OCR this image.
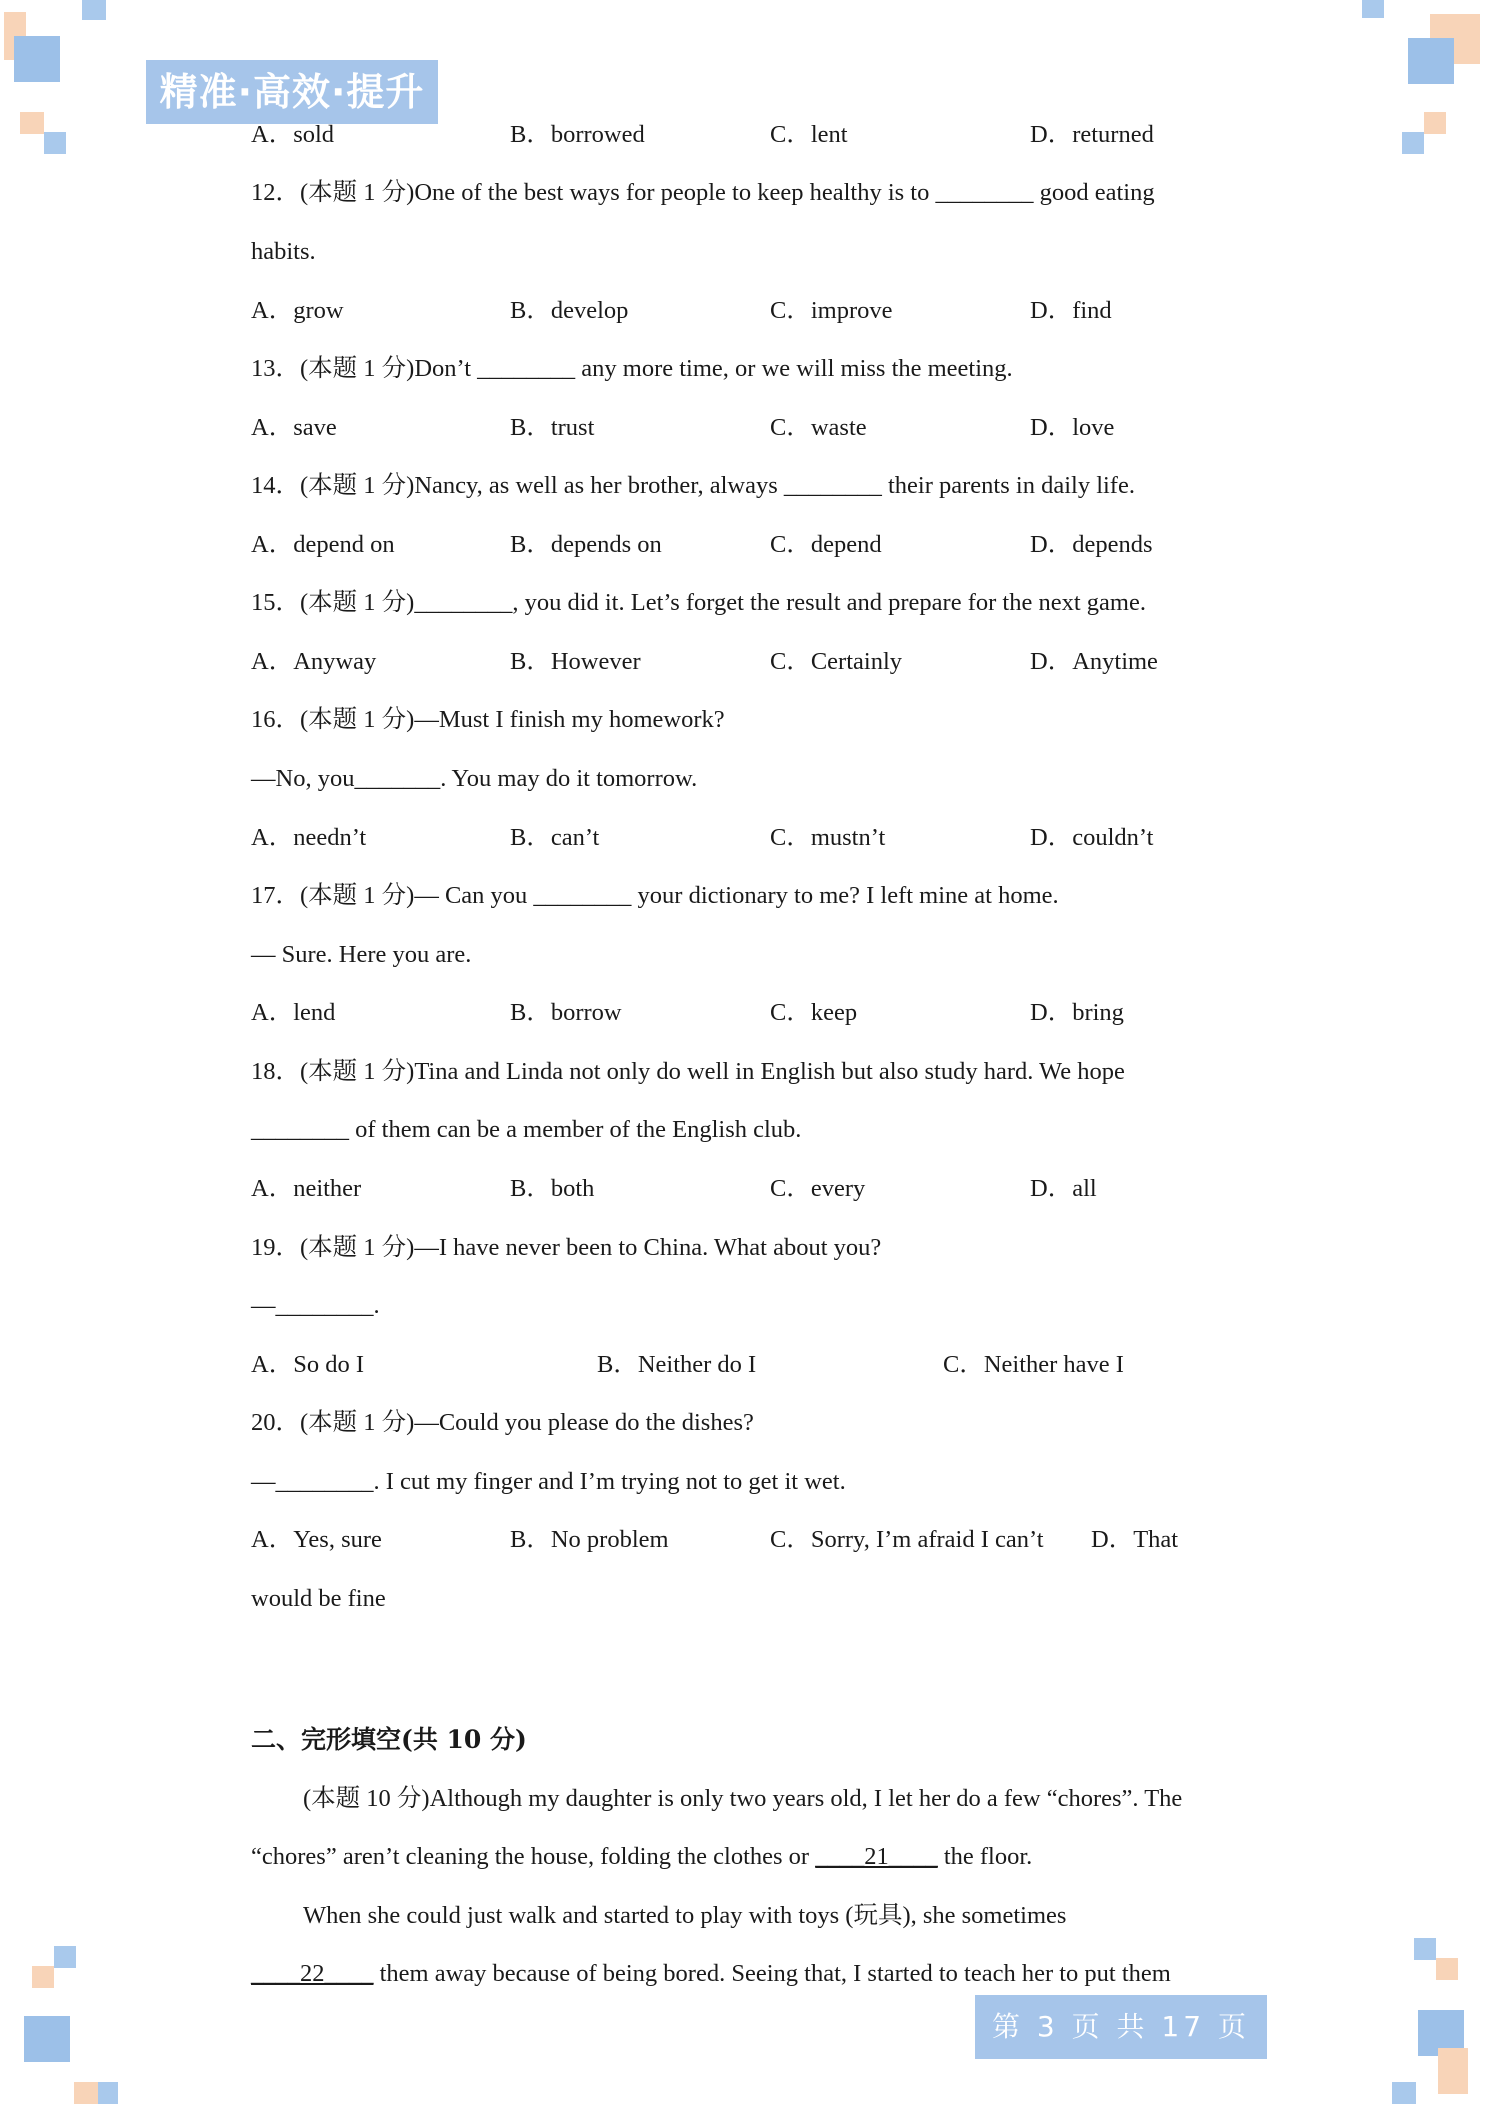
精准·高效·提升
A．sold	B．borrowed	C．lent	D．returned
12．(本题 1 分)One of the best ways for people to keep healthy is to ________ good eating
habits.
A．grow	B．develop	C．improve	D．find
13．(本题 1 分)Don’t ________ any more time, or we will miss the meeting.
A．save	B．trust	C．waste	D．love
14．(本题 1 分)Nancy, as well as her brother, always ________ their parents in daily life.
A．depend on	B．depends on	C．depend	D．depends
15．(本题 1 分)________, you did it. Let’s forget the result and prepare for the next game.
A．Anyway	B．However	C．Certainly	D．Anytime
16．(本题 1 分)—Must I finish my homework?
—No, you_______. You may do it tomorrow.
A．needn’t	B．can’t	C．mustn’t	D．couldn’t
17．(本题 1 分)— Can you ________ your dictionary to me? I left mine at home.
— Sure. Here you are.
A．lend	B．borrow	C．keep	D．bring
18．(本题 1 分)Tina and Linda not only do well in English but also study hard. We hope
________ of them can be a member of the English club.
A．neither	B．both	C．every	D．all
19．(本题 1 分)—I have never been to China. What about you?
—________.
A．So do I	B．Neither do I	C．Neither have I
20．(本题 1 分)—Could you please do the dishes?
—________. I cut my finger and I’m trying not to get it wet.
A．Yes, sure	B．No problem	C．Sorry, I’m afraid I can’t D．That
would be fine
二、完形填空(共 10 分)
(本题 10 分)Although my daughter is only two years old, I let her do a few “chores”. The
“chores” aren’t cleaning the house, folding the clothes or ____21____ the floor.
When she could just walk and started to play with toys (玩具), she sometimes
____22____ them away because of being bored. Seeing that, I started to teach her to put them
第 3 页 共 17 页
